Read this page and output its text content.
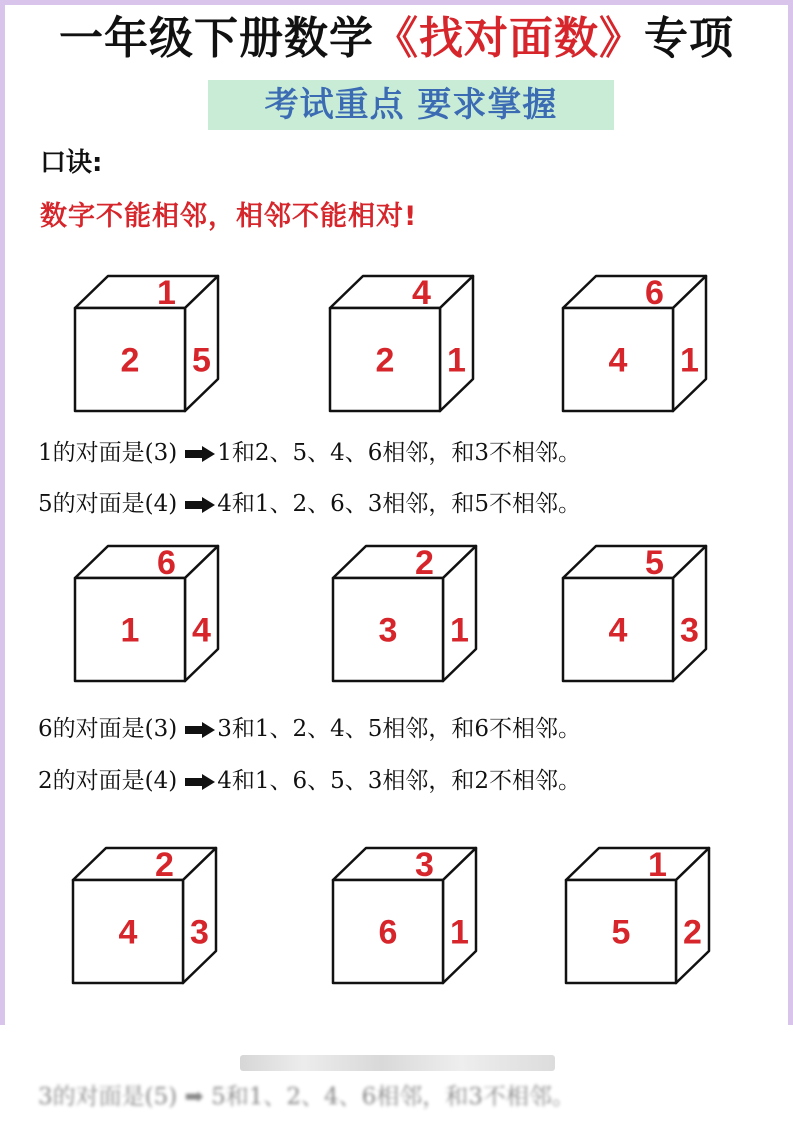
一年级下册数学《找对面数》专项
考试重点 要求掌握
口诀:
数字不能相邻，相邻不能相对!
1
2 5
4
2 1
6
4 1
6
1 4
2
3 1
5
4 3
2
4 3
3
6 1
1
5 2
1的对面是(3) 1和2、5、4、6相邻，和3不相邻。
5的对面是(4) 4和1、2、6、3相邻，和5不相邻。
6的对面是(3) 3和1、2、4、5相邻，和6不相邻。
2的对面是(4) 4和1、6、5、3相邻，和2不相邻。
3的对面是(5) ➡ 5和1、2、4、6相邻，和3不相邻。
